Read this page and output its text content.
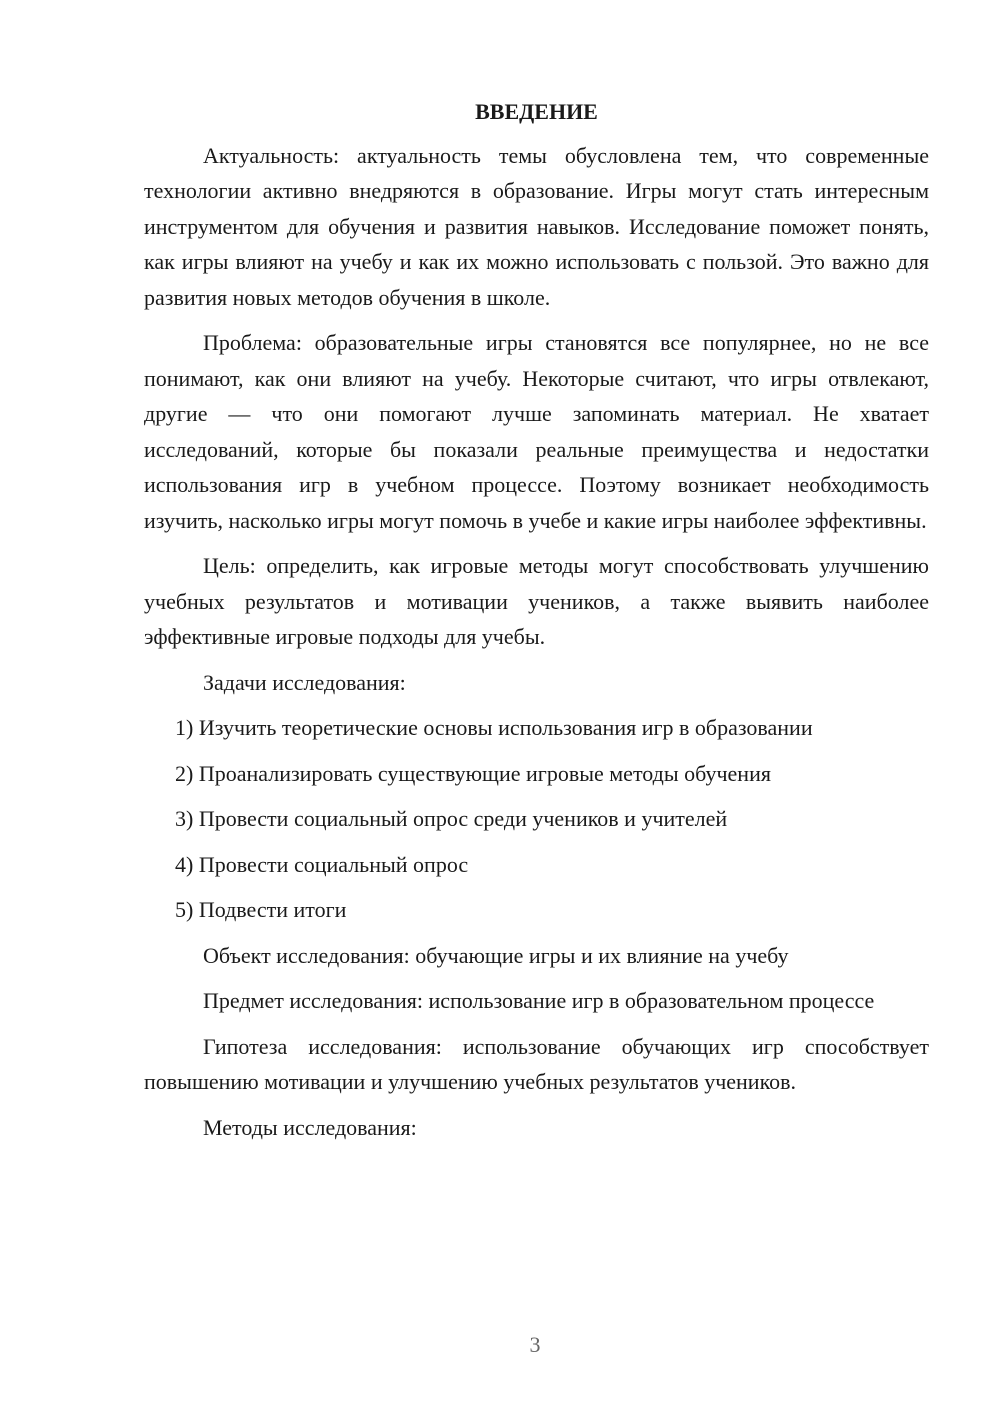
ВВЕДЕНИЕ

Актуальность: актуальность темы обусловлена тем, что современные технологии активно внедряются в образование. Игры могут стать интересным инструментом для обучения и развития навыков. Исследование поможет понять, как игры влияют на учебу и как их можно использовать с пользой. Это важно для развития новых методов обучения в школе.

Проблема: образовательные игры становятся все популярнее, но не все понимают, как они влияют на учебу. Некоторые считают, что игры отвлекают, другие — что они помогают лучше запоминать материал. Не хватает исследований, которые бы показали реальные преимущества и недостатки использования игр в учебном процессе. Поэтому возникает необходимость изучить, насколько игры могут помочь в учебе и какие игры наиболее эффективны.

Цель: определить, как игровые методы могут способствовать улучшению учебных результатов и мотивации учеников, а также выявить наиболее эффективные игровые подходы для учебы.

Задачи исследования:

1) Изучить теоретические основы использования игр в образовании
2) Проанализировать существующие игровые методы обучения
3) Провести социальный опрос среди учеников и учителей
4) Провести социальный опрос
5) Подвести итоги

Объект исследования: обучающие игры и их влияние на учебу

Предмет исследования: использование игр в образовательном процессе

Гипотеза исследования: использование обучающих игр способствует повышению мотивации и улучшению учебных результатов учеников.

Методы исследования:

3
